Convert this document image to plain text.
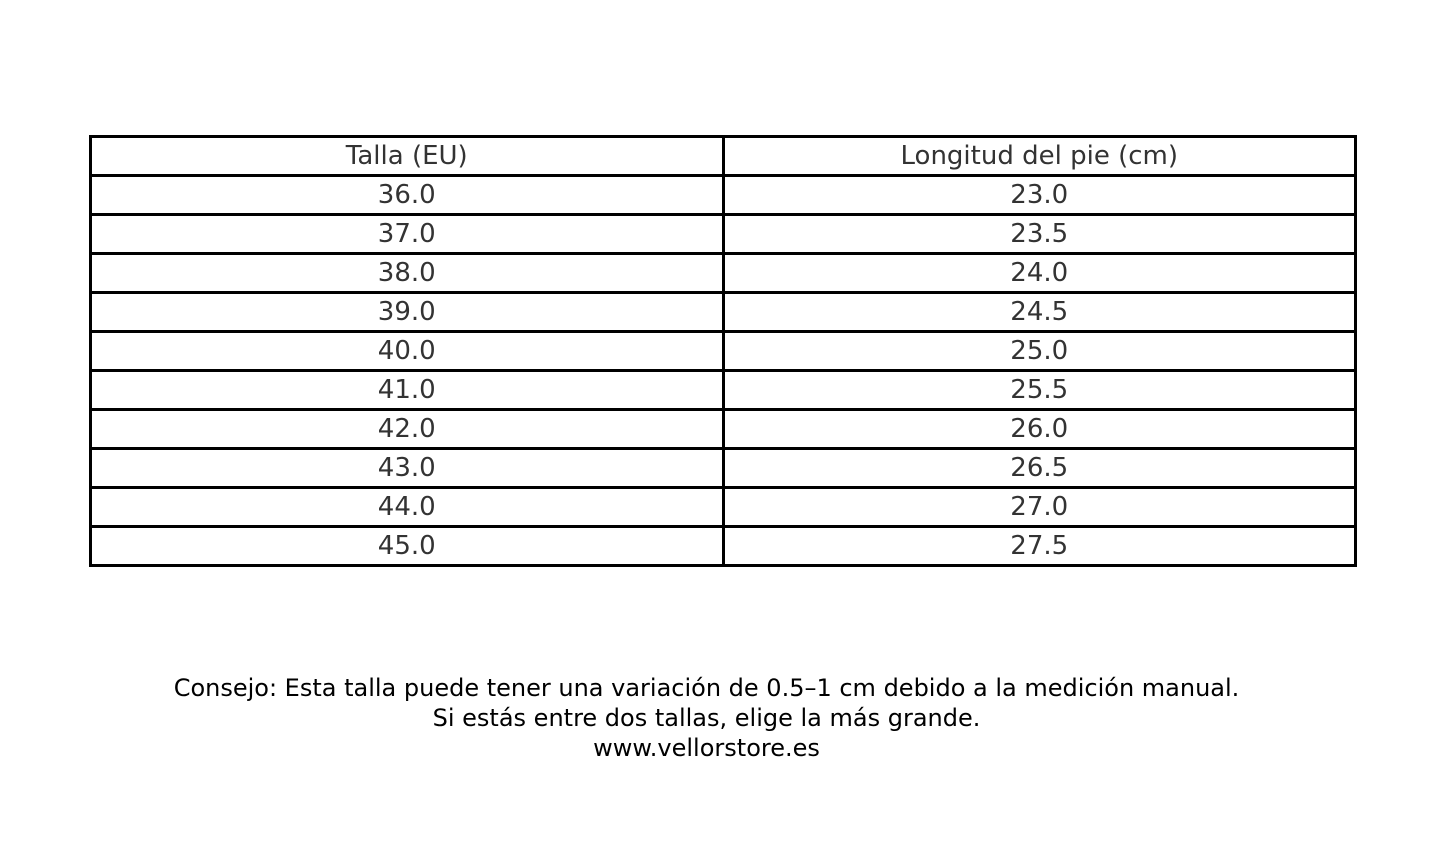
Talla (EU)	Longitud del pie (cm)
36.0	23.0
37.0	23.5
38.0	24.0
39.0	24.5
40.0	25.0
41.0	25.5
42.0	26.0
43.0	26.5
44.0	27.0
45.0	27.5
Consejo: Esta talla puede tener una variación de 0.5–1 cm debido a la medición manual.
Si estás entre dos tallas, elige la más grande.
www.vellorstore.es
